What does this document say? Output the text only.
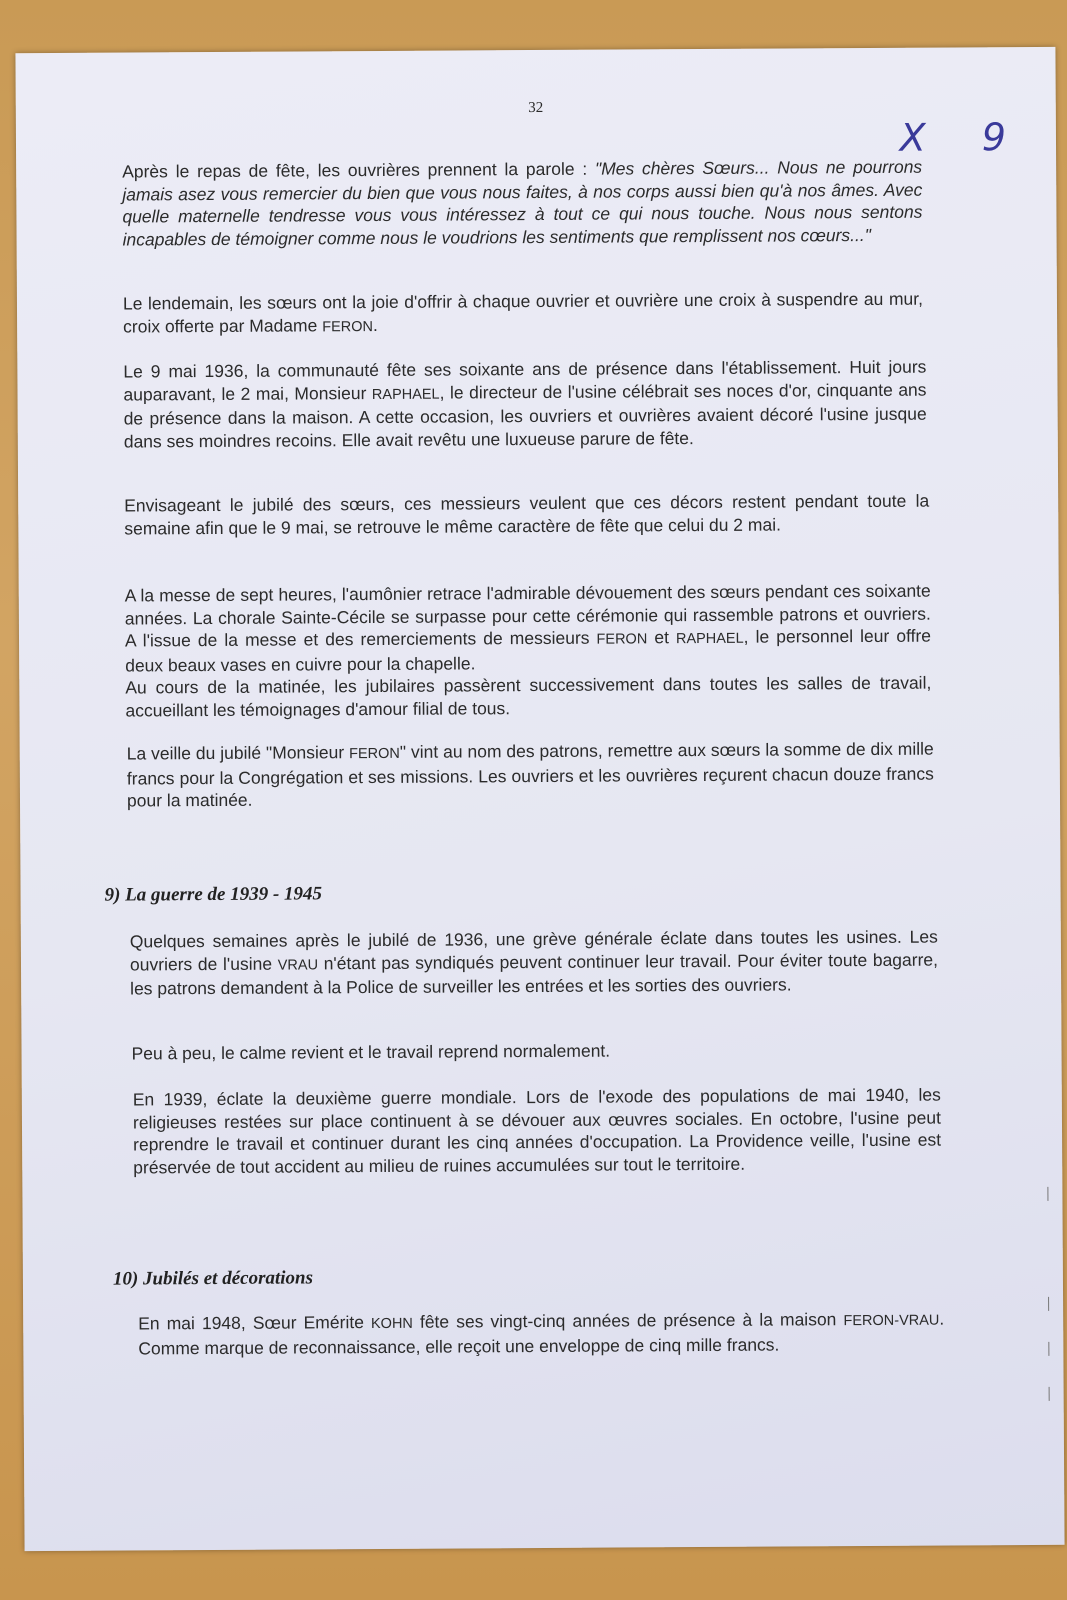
32
X 9
Après le repas de fête, les ouvrières prennent la parole : "Mes chères Sœurs... Nous ne pourrons jamais asez vous remercier du bien que vous nous faites, à nos corps aussi bien qu'à nos âmes. Avec quelle maternelle tendresse vous vous intéressez à tout ce qui nous touche. Nous nous sentons incapables de témoigner comme nous le voudrions les sentiments que remplissent nos cœurs..."
Le lendemain, les sœurs ont la joie d'offrir à chaque ouvrier et ouvrière une croix à suspendre au mur, croix offerte par Madame FERON.
Le 9 mai 1936, la communauté fête ses soixante ans de présence dans l'établissement. Huit jours auparavant, le 2 mai, Monsieur RAPHAEL, le directeur de l'usine célébrait ses noces d'or, cinquante ans de présence dans la maison. A cette occasion, les ouvriers et ouvrières avaient décoré l'usine jusque dans ses moindres recoins. Elle avait revêtu une luxueuse parure de fête.
Envisageant le jubilé des sœurs, ces messieurs veulent que ces décors restent pendant toute la semaine afin que le 9 mai, se retrouve le même caractère de fête que celui du 2 mai.
A la messe de sept heures, l'aumônier retrace l'admirable dévouement des sœurs pendant ces soixante années. La chorale Sainte-Cécile se surpasse pour cette cérémonie qui rassemble patrons et ouvriers. A l'issue de la messe et des remerciements de messieurs FERON et RAPHAEL, le personnel leur offre deux beaux vases en cuivre pour la chapelle.
Au cours de la matinée, les jubilaires passèrent successivement dans toutes les salles de travail, accueillant les témoignages d'amour filial de tous.
La veille du jubilé "Monsieur FERON" vint au nom des patrons, remettre aux sœurs la somme de dix mille francs pour la Congrégation et ses missions. Les ouvriers et les ouvrières reçurent chacun douze francs pour la matinée.
9) La guerre de 1939 - 1945
Quelques semaines après le jubilé de 1936, une grève générale éclate dans toutes les usines. Les ouvriers de l'usine VRAU n'étant pas syndiqués peuvent continuer leur travail. Pour éviter toute bagarre, les patrons demandent à la Police de surveiller les entrées et les sorties des ouvriers.
Peu à peu, le calme revient et le travail reprend normalement.
En 1939, éclate la deuxième guerre mondiale. Lors de l'exode des populations de mai 1940, les religieuses restées sur place continuent à se dévouer aux œuvres sociales. En octobre, l'usine peut reprendre le travail et continuer durant les cinq années d'occupation. La Providence veille, l'usine est préservée de tout accident au milieu de ruines accumulées sur tout le territoire.
10) Jubilés et décorations
En mai 1948, Sœur Emérite KOHN fête ses vingt-cinq années de présence à la maison FERON-VRAU. Comme marque de reconnaissance, elle reçoit une enveloppe de cinq mille francs.
